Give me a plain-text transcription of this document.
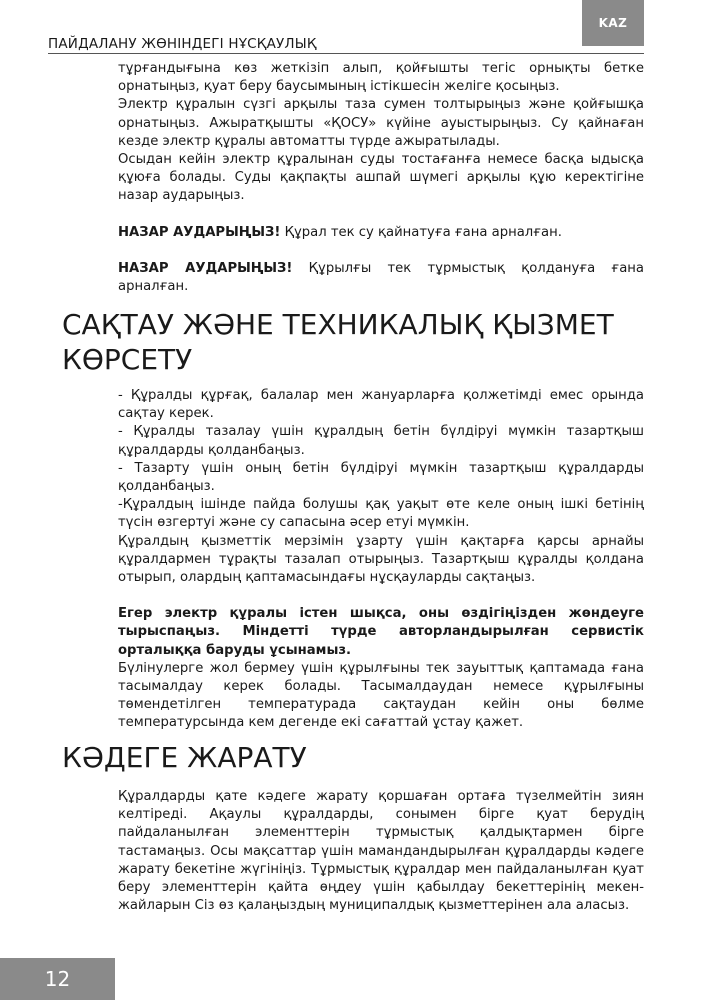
KAZ
ПАЙДАЛАНУ ЖӨНІНДЕГІ НҰСҚАУЛЫҚ

тұрғандығына көз жеткізіп алып, қойғышты тегіс орнықты бетке орнатыңыз, қуат беру баусымының істікшесін желіге қосыңыз.

Электр құралын сүзгі арқылы таза сумен толтырыңыз және қойғышқа орнатыңыз. Ажыратқышты «ҚОСУ» күйіне ауыстырыңыз. Су қайнаған кезде электр құралы автоматты түрде ажыратылады.

Осыдан кейін электр құралынан суды тостағанға немесе басқа ыдысқа құюға болады. Суды қақпақты ашпай шүмегі арқылы құю керектігіне назар аударыңыз.

НАЗАР АУДАРЫҢЫЗ! Құрал тек су қайнатуға ғана арналған.

НАЗАР АУДАРЫҢЫЗ! Құрылғы тек тұрмыстық қолдануға ғана арналған.

САҚТАУ ЖӘНЕ ТЕХНИКАЛЫҚ ҚЫЗМЕТ КӨРСЕТУ

- Құралды құрғақ, балалар мен жануарларға қолжетімді емес орында сақтау керек.

- Құралды тазалау үшін құралдың бетін бүлдіруі мүмкін тазартқыш құралдарды қолданбаңыз.

- Тазарту үшін оның бетін бүлдіруі мүмкін тазартқыш құралдарды қолданбаңыз.

-Құралдың ішінде пайда болушы қақ уақыт өте келе оның ішкі бетінің түсін өзгертуі және су сапасына әсер етуі мүмкін.

Құралдың қызметтік мерзімін ұзарту үшін қақтарға қарсы арнайы құралдармен тұрақты тазалап отырыңыз. Тазартқыш құралды қолдана отырып, олардың қаптамасындағы нұсқауларды сақтаңыз.

Егер электр құралы істен шықса, оны өздігіңізден жөндеуге тырыспаңыз. Міндетті түрде авторландырылған сервистік орталыққа баруды ұсынамыз.

Бүлінулерге жол бермеу үшін құрылғыны тек зауыттық қаптамада ғана тасымалдау керек болады. Тасымалдаудан немесе құрылғыны төмендетілген температурада сақтаудан кейін оны бөлме температурсында кем дегенде екі сағаттай ұстау қажет.

КӘДЕГЕ ЖАРАТУ

Құралдарды қате кәдеге жарату қоршаған ортаға түзелмейтін зиян келтіреді. Ақаулы құралдарды, сонымен бірге қуат берудің пайдаланылған элементтерін тұрмыстық қалдықтармен бірге тастамаңыз. Осы мақсаттар үшін мамандандырылған құралдарды кәдеге жарату бекетіне жүгініңіз. Тұрмыстық құралдар мен пайдаланылған қуат беру элементтерін қайта өңдеу үшін қабылдау бекеттерінің мекен-жайларын Сіз өз қалаңыздың муниципалдық қызметтерінен ала аласыз.

12
